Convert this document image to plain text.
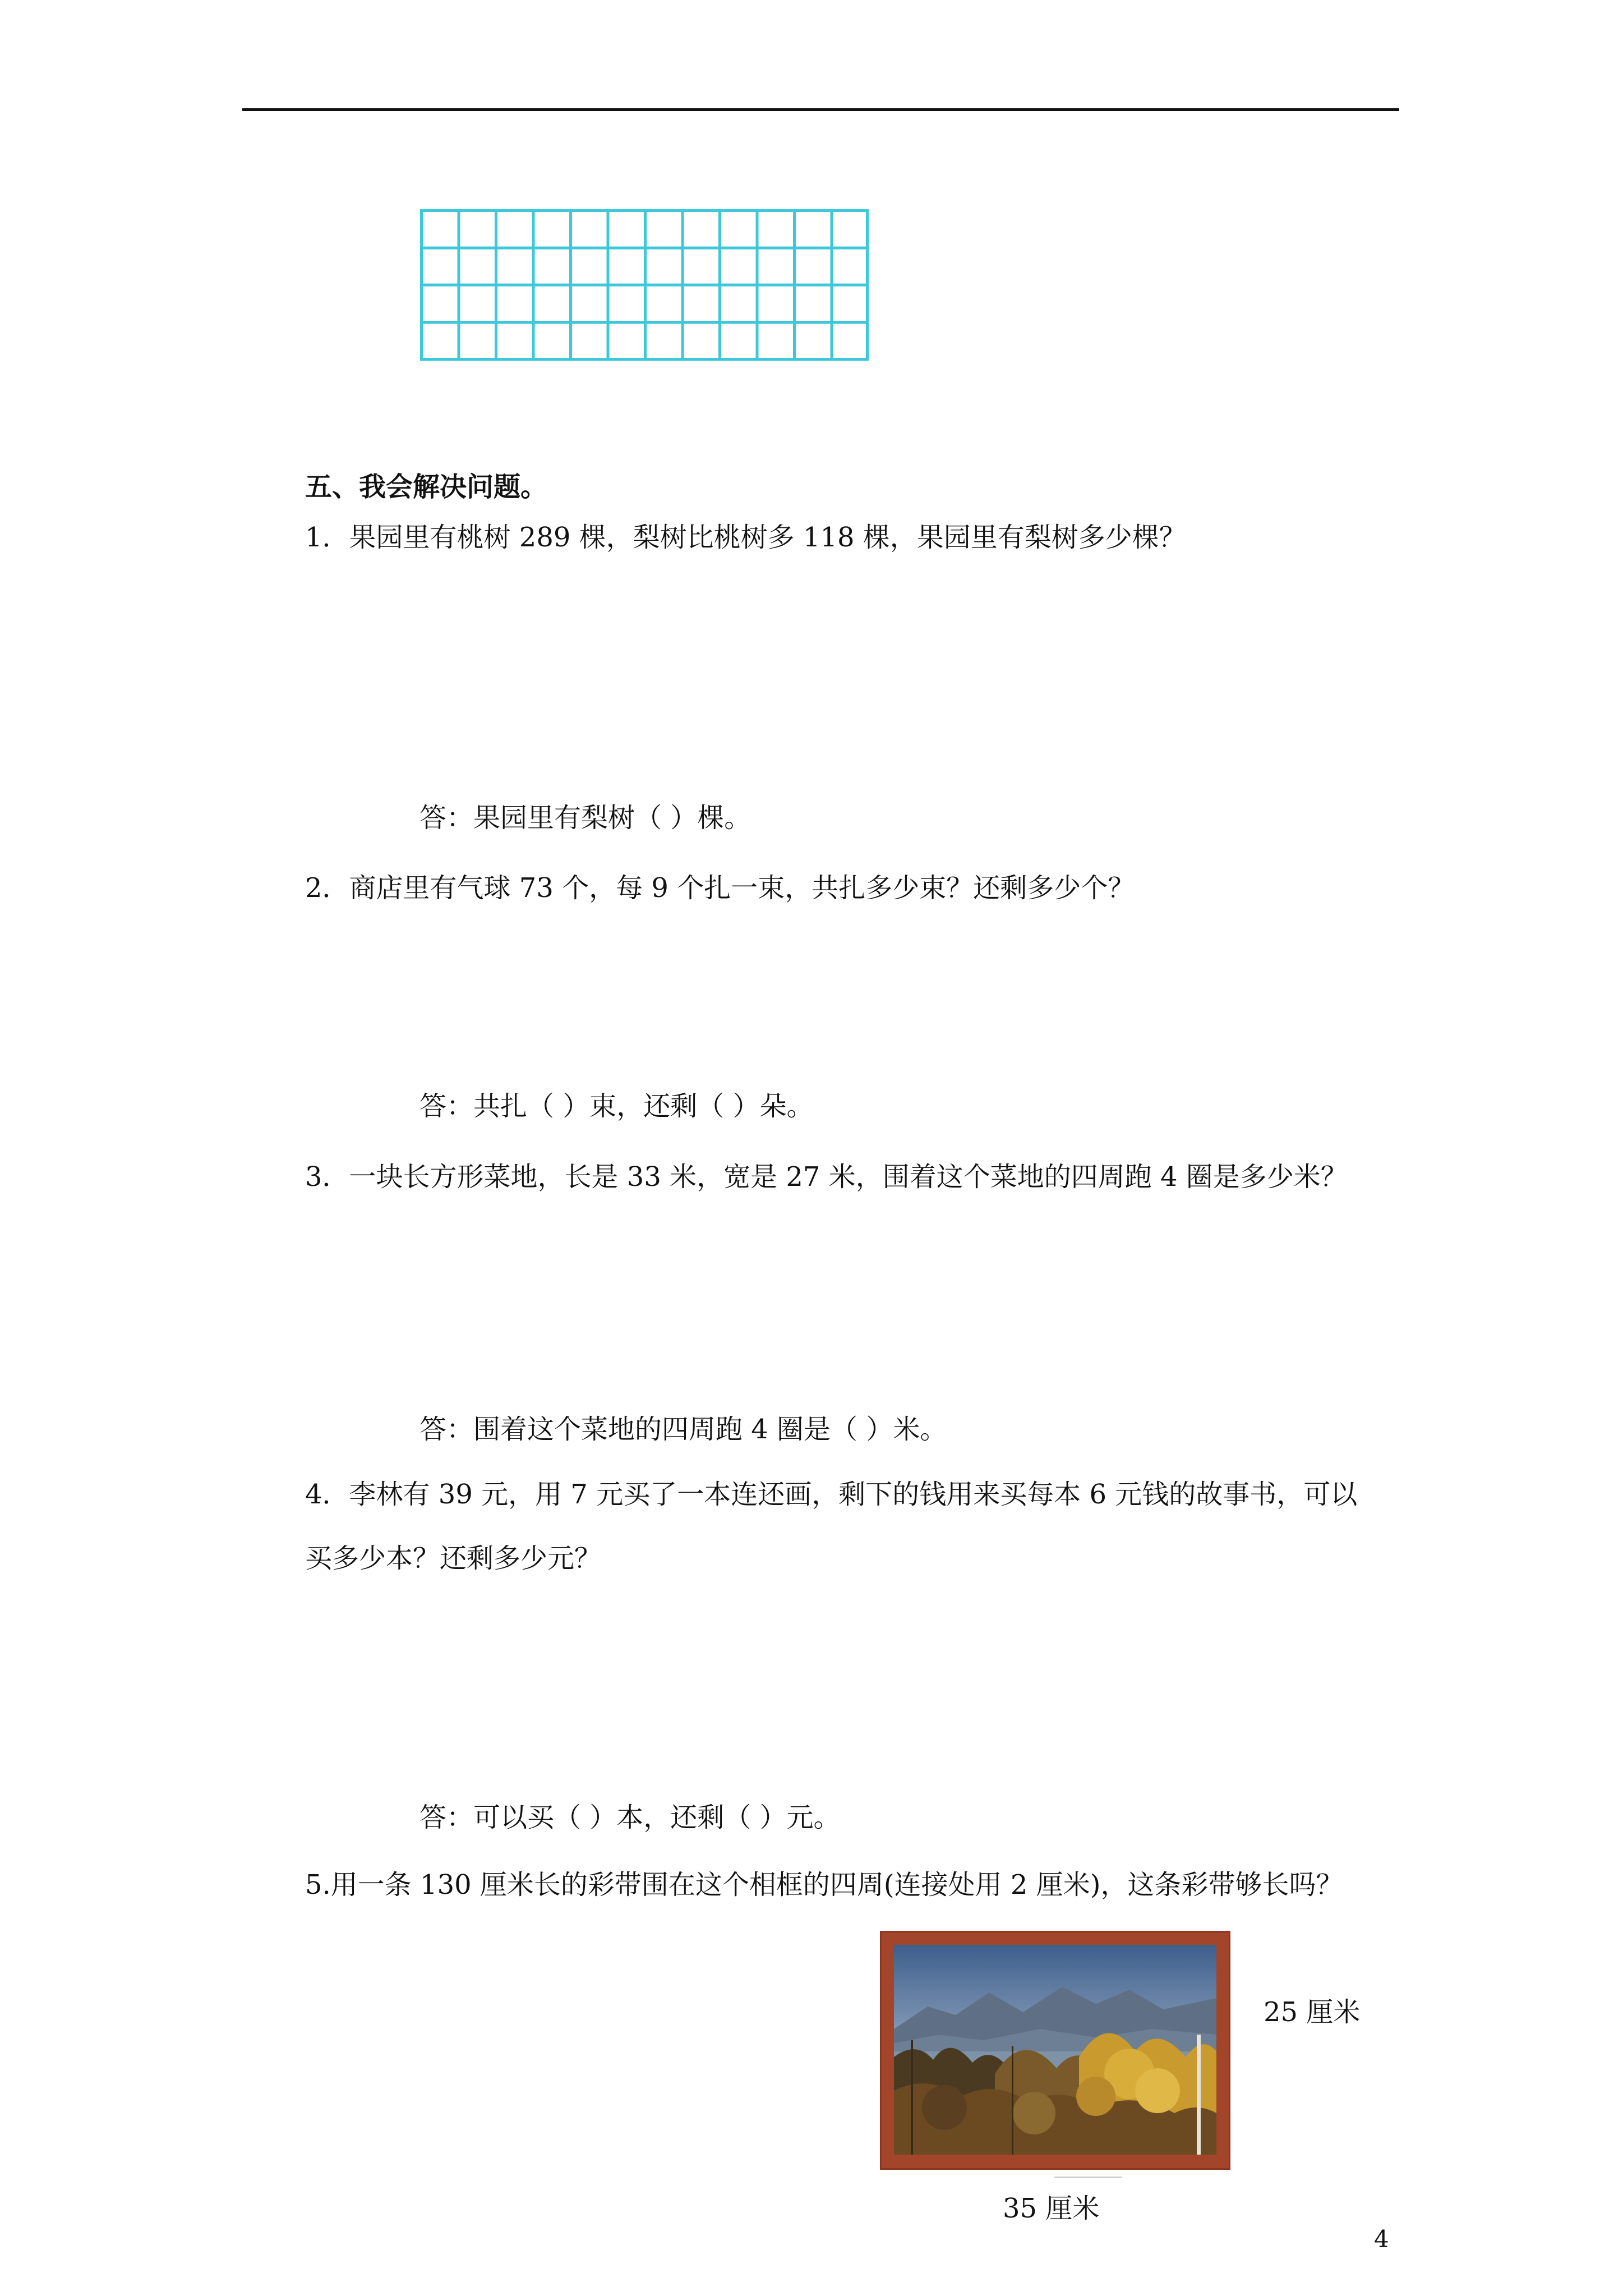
五、我会解决问题。
1．果园里有桃树 289 棵，梨树比桃树多 118 棵，果园里有梨树多少棵？
答：果园里有梨树（ ）棵。
2．商店里有气球 73 个，每 9 个扎一束，共扎多少束？还剩多少个？
答：共扎（ ）束，还剩（ ）朵。
3．一块长方形菜地，长是 33 米，宽是 27 米，围着这个菜地的四周跑 4 圈是多少米？
答：围着这个菜地的四周跑 4 圈是（ ）米。
4．李林有 39 元，用 7 元买了一本连还画，剩下的钱用来买每本 6 元钱的故事书，可以
买多少本？还剩多少元？
答：可以买（ ）本，还剩（ ）元。
5.用一条 130 厘米长的彩带围在这个相框的四周(连接处用 2 厘米)，这条彩带够长吗？
25 厘米
35 厘米
4
